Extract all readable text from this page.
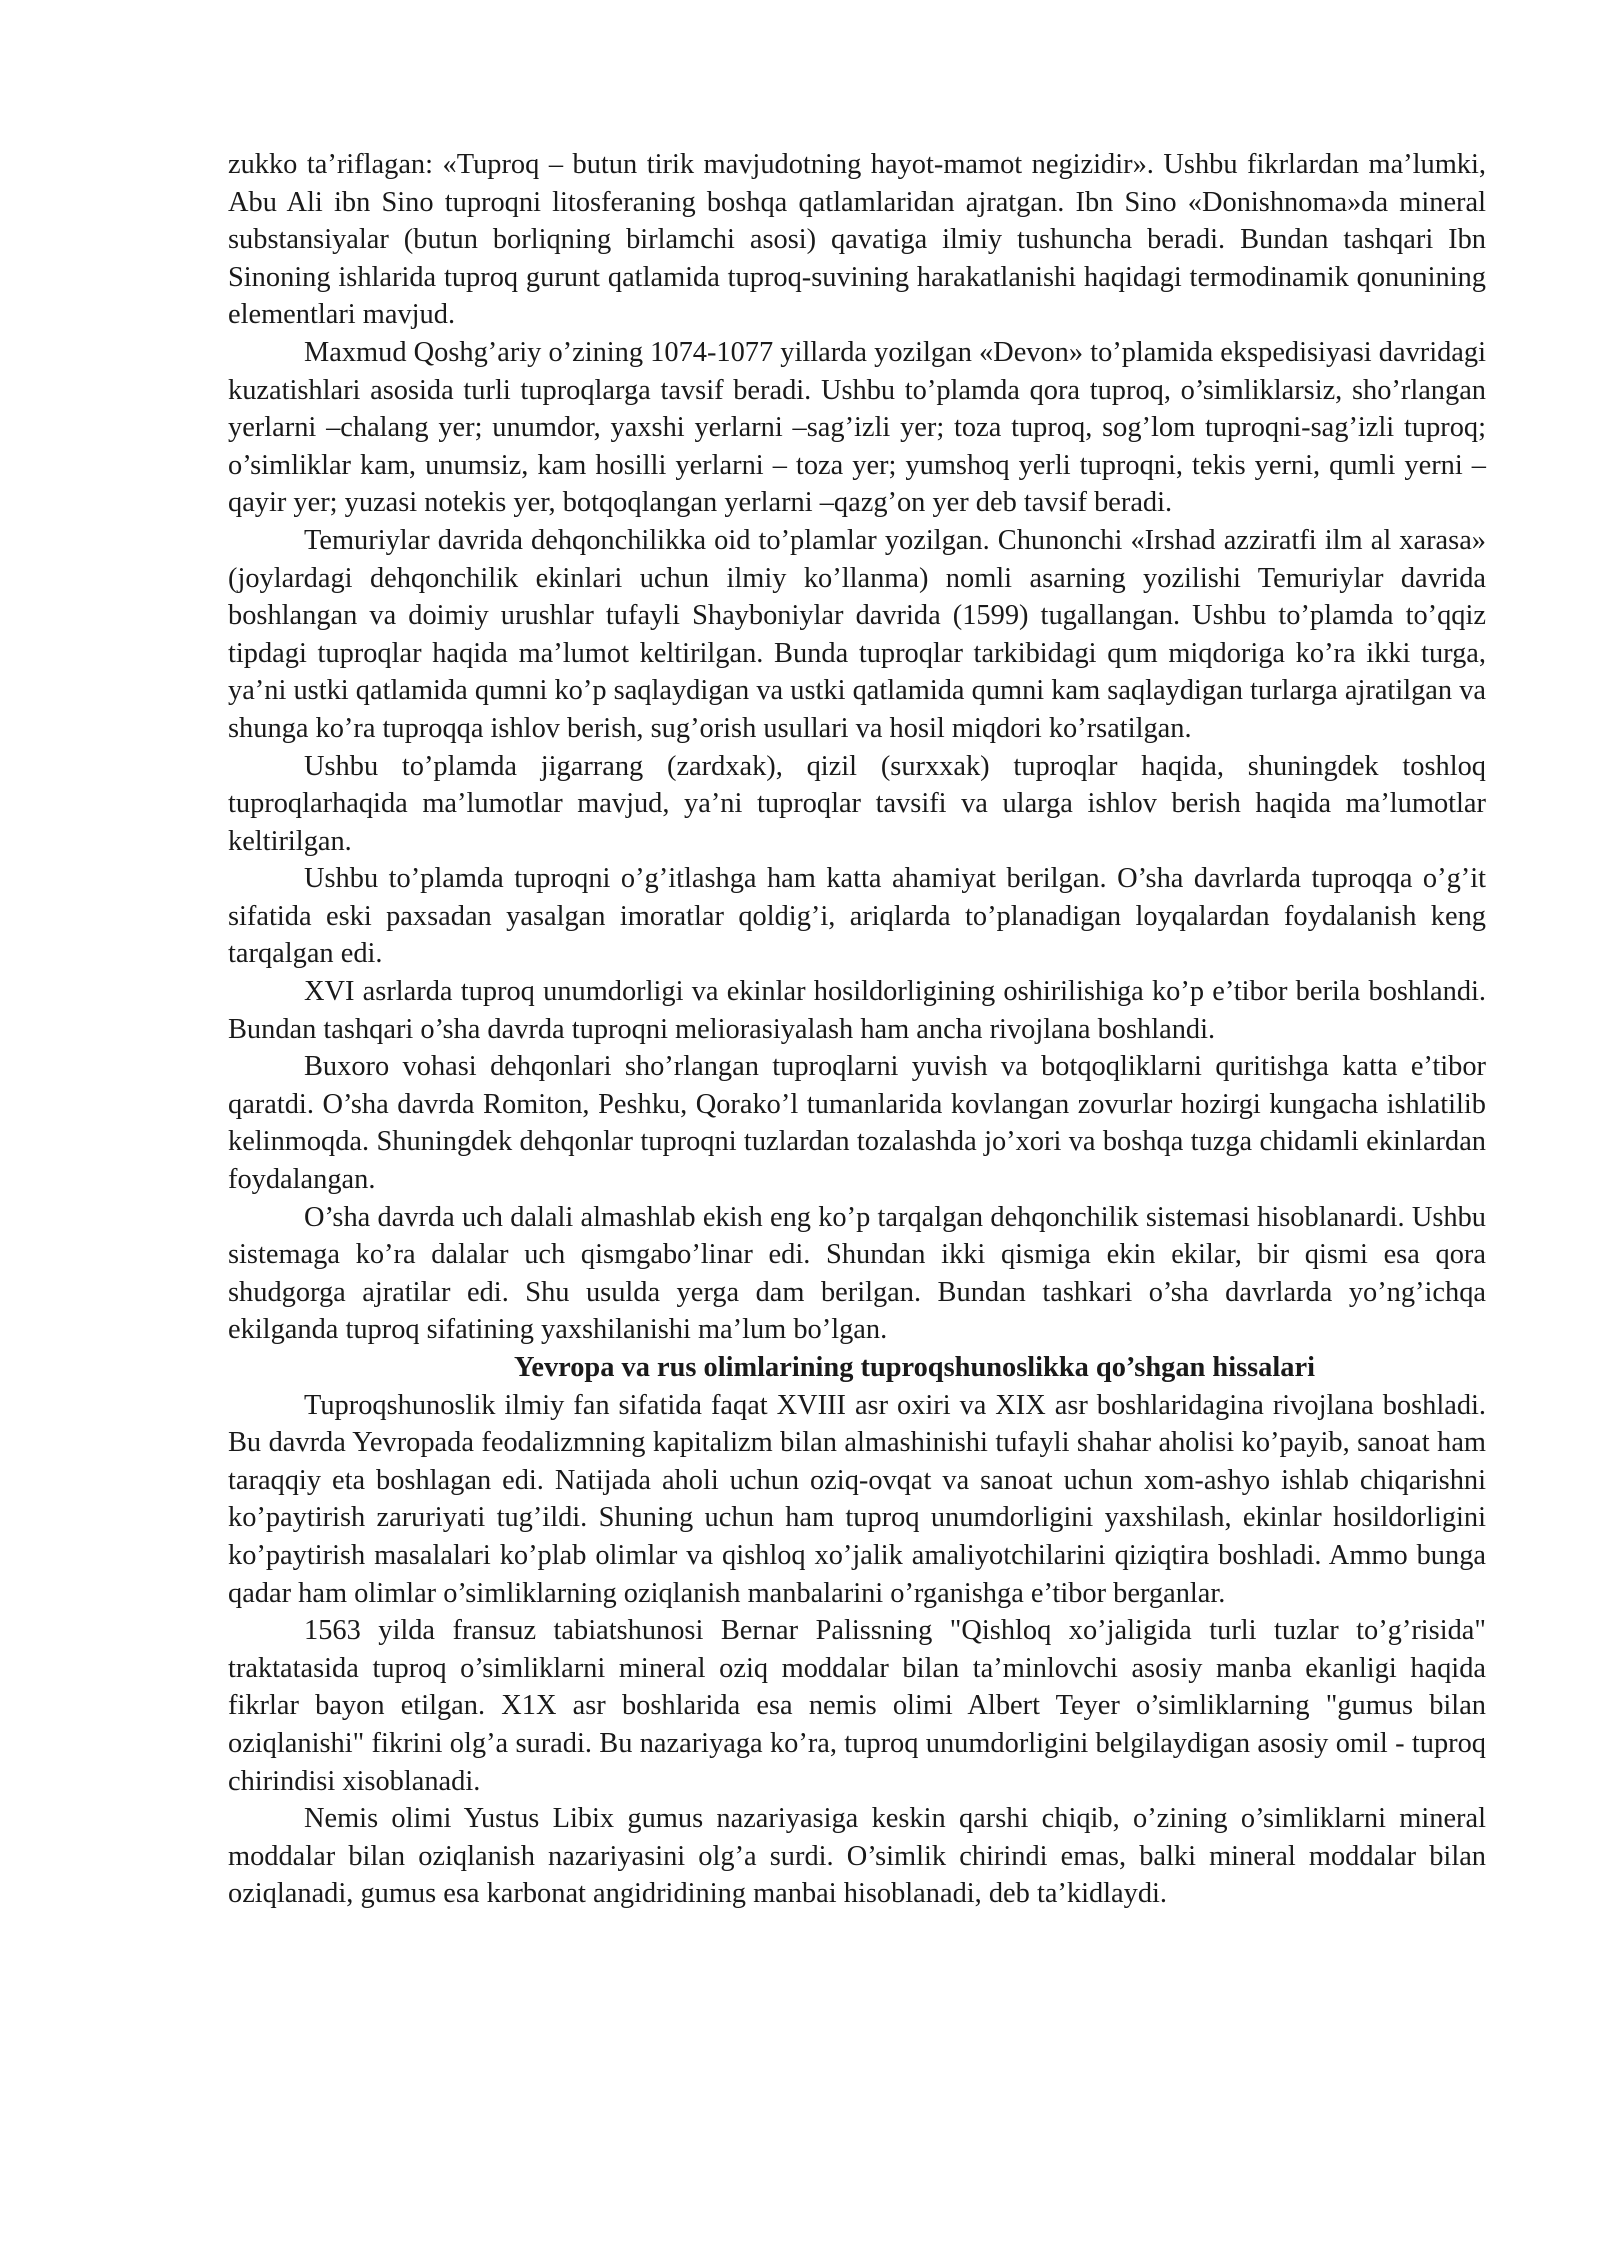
zukko ta’riflagan: «Tuproq – butun tirik mavjudotning hayot-mamot negizidir». Ushbu fikrlardan ma’lumki, Abu Ali ibn Sino tuproqni litosferaning boshqa qatlamlaridan ajratgan. Ibn Sino «Donishnoma»da mineral substansiyalar (butun borliqning birlamchi asosi) qavatiga ilmiy tushuncha beradi. Bundan tashqari Ibn Sinoning ishlarida tuproq gurunt qatlamida tuproq-suvining harakatlanishi haqidagi termodinamik qonunining elementlari mavjud.

Maxmud Qoshg’ariy o’zining 1074-1077 yillarda yozilgan «Devon» to’plamida ekspedisiyasi davridagi kuzatishlari asosida turli tuproqlarga tavsif beradi. Ushbu to’plamda qora tuproq, o’simliklarsiz, sho’rlangan yerlarni –chalang yer; unumdor, yaxshi yerlarni –sag’izli yer; toza tuproq, sog’lom tuproqni-sag’izli tuproq; o’simliklar kam, unumsiz, kam hosilli yerlarni – toza yer; yumshoq yerli tuproqni, tekis yerni, qumli yerni –qayir yer; yuzasi notekis yer, botqoqlangan yerlarni –qazg’on yer deb tavsif beradi.

Temuriylar davrida dehqonchilikka oid to’plamlar yozilgan. Chunonchi «Irshad azziratfi ilm al xarasa» (joylardagi dehqonchilik ekinlari uchun ilmiy ko’llanma) nomli asarning yozilishi Temuriylar davrida boshlangan va doimiy urushlar tufayli Shayboniylar davrida (1599) tugallangan. Ushbu to’plamda to’qqiz tipdagi tuproqlar haqida ma’lumot keltirilgan. Bunda tuproqlar tarkibidagi qum miqdoriga ko’ra ikki turga, ya’ni ustki qatlamida qumni ko’p saqlaydigan va ustki qatlamida qumni kam saqlaydigan turlarga ajratilgan va shunga ko’ra tuproqqa ishlov berish, sug’orish usullari va hosil miqdori ko’rsatilgan.

Ushbu to’plamda jigarrang (zardxak), qizil (surxxak) tuproqlar haqida, shuningdek toshloq tuproqlarhaqida ma’lumotlar mavjud, ya’ni tuproqlar tavsifi va ularga ishlov berish haqida ma’lumotlar keltirilgan.

Ushbu to’plamda tuproqni o’g’itlashga ham katta ahamiyat berilgan. O’sha davrlarda tuproqqa o’g’it sifatida eski paxsadan yasalgan imoratlar qoldig’i, ariqlarda to’planadigan loyqalardan foydalanish keng tarqalgan edi.

XVI asrlarda tuproq unumdorligi va ekinlar hosildorligining oshirilishiga ko’p e’tibor berila boshlandi. Bundan tashqari o’sha davrda tuproqni meliorasiyalash ham ancha rivojlana boshlandi.

Buxoro vohasi dehqonlari sho’rlangan tuproqlarni yuvish va botqoqliklarni quritishga katta e’tibor qaratdi. O’sha davrda Romiton, Peshku, Qorako’l tumanlarida kovlangan zovurlar hozirgi kungacha ishlatilib kelinmoqda. Shuningdek dehqonlar tuproqni tuzlardan tozalashda jo’xori va boshqa tuzga chidamli ekinlardan foydalangan.

O’sha davrda uch dalali almashlab ekish eng ko’p tarqalgan dehqonchilik sistemasi hisoblanardi. Ushbu sistemaga ko’ra dalalar uch qismgabo’linar edi. Shundan ikki qismiga ekin ekilar, bir qismi esa qora shudgorga ajratilar edi. Shu usulda yerga dam berilgan. Bundan tashkari o’sha davrlarda yo’ng’ichqa ekilganda tuproq sifatining yaxshilanishi ma’lum bo’lgan.

Yevropa va rus olimlarining tuproqshunoslikka qo’shgan hissalari

Tuproqshunoslik ilmiy fan sifatida faqat XVIII asr oxiri va XIX asr boshlaridagina rivojlana boshladi. Bu davrda Yevropada feodalizmning kapitalizm bilan almashinishi tufayli shahar aholisi ko’payib, sanoat ham taraqqiy eta boshlagan edi. Natijada aholi uchun oziq-ovqat va sanoat uchun xom-ashyo ishlab chiqarishni ko’paytirish zaruriyati tug’ildi. Shuning uchun ham tuproq unumdorligini yaxshilash, ekinlar hosildorligini ko’paytirish masalalari ko’plab olimlar va qishloq xo’jalik amaliyotchilarini qiziqtira boshladi. Ammo bunga qadar ham olimlar o’simliklarning oziqlanish manbalarini o’rganishga e’tibor berganlar.

1563 yilda fransuz tabiatshunosi Bernar Palissning "Qishloq xo’jaligida turli tuzlar to’g’risida" traktatasida tuproq o’simliklarni mineral oziq moddalar bilan ta’minlovchi asosiy manba ekanligi haqida fikrlar bayon etilgan. X1X asr boshlarida esa nemis olimi Albert Teyer o’simliklarning "gumus bilan oziqlanishi" fikrini olg’a suradi. Bu nazariyaga ko’ra, tuproq unumdorligini belgilaydigan asosiy omil - tuproq chirindisi xisoblanadi.

Nemis olimi Yustus Libix gumus nazariyasiga keskin qarshi chiqib, o’zining o’simliklarni mineral moddalar bilan oziqlanish nazariyasini olg’a surdi. O’simlik chirindi emas, balki mineral moddalar bilan oziqlanadi, gumus esa karbonat angidridining manbai hisoblanadi, deb ta’kidlaydi.
